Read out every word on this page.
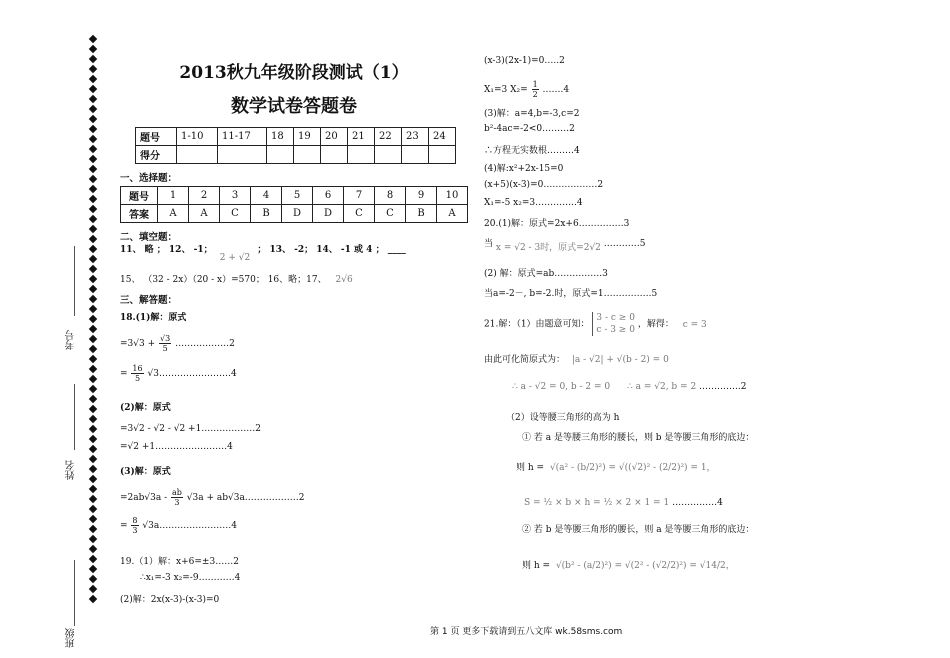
考号
姓名
班级
2013秋九年级阶段测试（1）
数学试卷答题卷
题号	1-10	11-17	18	19	20	21	22	23	24
得分									
一、选择题：
题号	1	2	3	4	5	6	7	8	9	10
答案	A	A	C	B	D	D	C	C	B	A
二、填空题：
11、 略 ； 12、 -1； 2 + √2 ； 13、 -2； 14、 -1 或 4 ； ____
15、 （32 - 2x）（20 - x）=570； 16、略；17、 2√6
三、解答题：
18.(1)解：原式
$=3√3 + \frac{√3}{5}$ ………………2
= $\frac{16}{5}$ √3……………………4
(2)解：原式
=3√2 - √2 - √2 +1………………2
=√2 +1……………………4
(3)解：原式
$=2ab√3a - \frac{ab}{3} √3a$ + ab√3a………………2
= $\frac{8}{3}$ √3a……………………4
19.（1）解：x+6=±3……2
∴x₁=-3 x₂=-9…………4
(2)解：2x(x-3)-(x-3)=0
(x-3)(2x-1)=0…..2
X₁=3 $X_2= \frac{1}{2}$ …….4
(3)解：a=4,b=-3,c=2
b²-4ac=-2<0………2
∴方程无实数根………4
(4)解:x²+2x-15=0
(x+5)(x-3)=0………………2
X₁=-5 x₂=3…………..4
20.(1)解：原式=2x+6……………3
当 x = √2 - 3时，原式=2√2 …………5
(2) 解：原式=ab…………….3
当a=-2－, b=-2.时，原式=1…………….5
21.解：（1）由题意可知：
3 - c ≥ 0
c - 3 ≥ 0
，解得： c = 3
由此可化简原式为： |a - √2| + √(b - 2) = 0
∴ a - √2 = 0, b - 2 = 0 ∴ a = √2, b = 2 …………..2
（2）设等腰三角形的高为 h
① 若 a 是等腰三角形的腰长，则 b 是等腰三角形的底边：
则 h = √(a² - (b/2)²) = √((√2)² - (2/2)²) = 1，
S = ½ × b × h = ½ × 2 × 1 = 1 ……………4
② 若 b 是等腰三角形的腰长，则 a 是等腰三角形的底边：
则 h = √(b² - (a/2)²) = √(2² - (√2/2)²) = √14/2，
第 1 页 更多下载请到五八文库 wk.58sms.com
